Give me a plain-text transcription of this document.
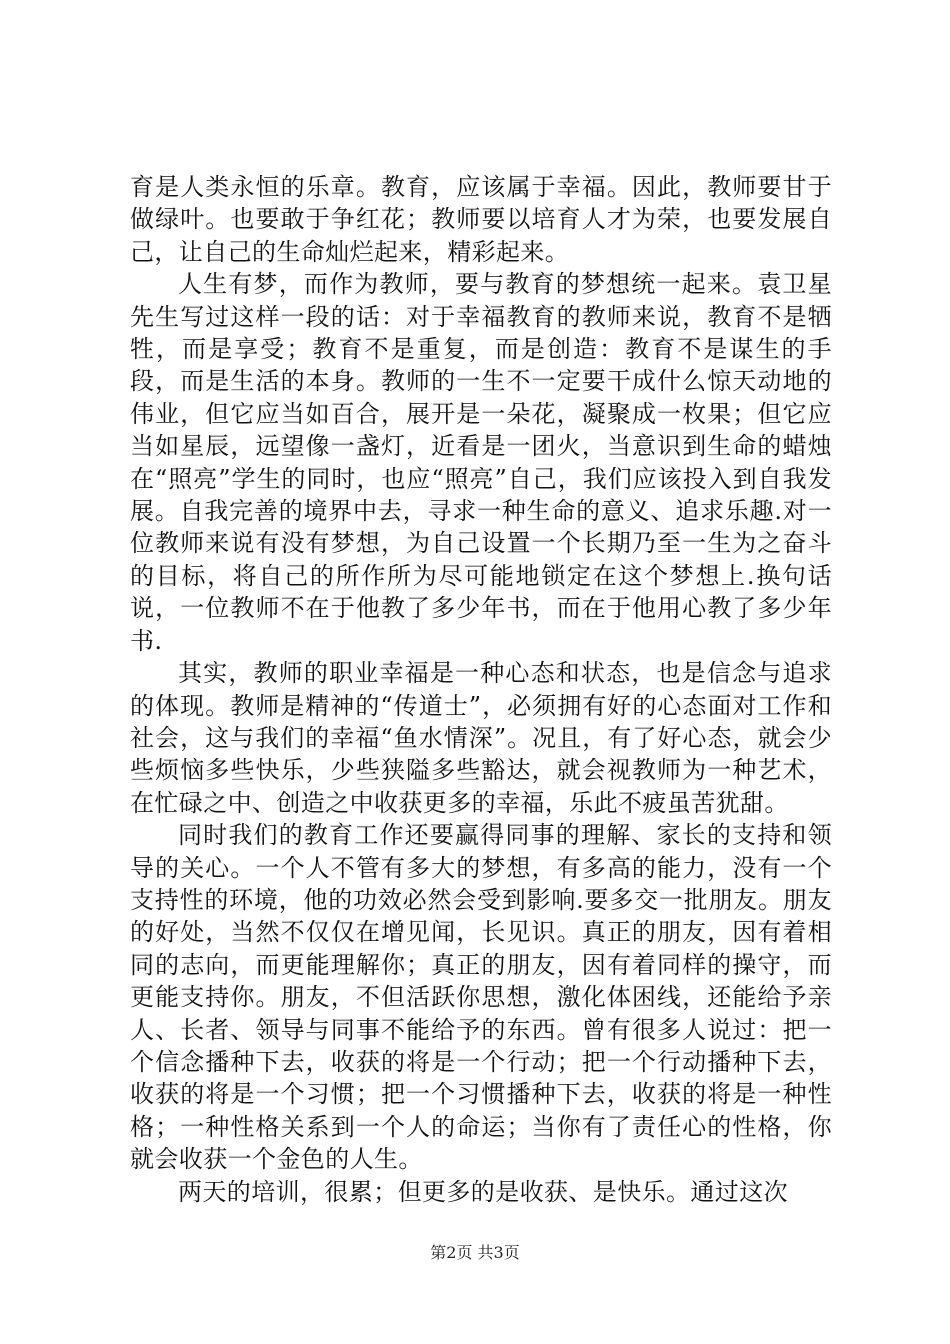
育是人类永恒的乐章。教育，应该属于幸福。因此，教师要甘于做绿叶。也要敢于争红花；教师要以培育人才为荣，也要发展自己，让自己的生命灿烂起来，精彩起来。

人生有梦，而作为教师，要与教育的梦想统一起来。袁卫星先生写过这样一段的话：对于幸福教育的教师来说，教育不是牺牲，而是享受；教育不是重复，而是创造：教育不是谋生的手段，而是生活的本身。教师的一生不一定要干成什么惊天动地的伟业，但它应当如百合，展开是一朵花，凝聚成一枚果；但它应当如星辰，远望像一盏灯，近看是一团火，当意识到生命的蜡烛在“照亮”学生的同时，也应“照亮”自己，我们应该投入到自我发展。自我完善的境界中去，寻求一种生命的意义、追求乐趣.对一位教师来说有没有梦想，为自己设置一个长期乃至一生为之奋斗的目标，将自己的所作所为尽可能地锁定在这个梦想上.换句话说，一位教师不在于他教了多少年书，而在于他用心教了多少年书.

其实，教师的职业幸福是一种心态和状态，也是信念与追求的体现。教师是精神的“传道士”，必须拥有好的心态面对工作和社会，这与我们的幸福“鱼水情深”。况且，有了好心态，就会少些烦恼多些快乐，少些狭隘多些豁达，就会视教师为一种艺术，在忙碌之中、创造之中收获更多的幸福，乐此不疲虽苦犹甜。

同时我们的教育工作还要赢得同事的理解、家长的支持和领导的关心。一个人不管有多大的梦想，有多高的能力，没有一个支持性的环境，他的功效必然会受到影响.要多交一批朋友。朋友的好处，当然不仅仅在增见闻，长见识。真正的朋友，因有着相同的志向，而更能理解你；真正的朋友，因有着同样的操守，而更能支持你。朋友，不但活跃你思想，激化体困线，还能给予亲人、长者、领导与同事不能给予的东西。曾有很多人说过：把一个信念播种下去，收获的将是一个行动；把一个行动播种下去，收获的将是一个习惯；把一个习惯播种下去，收获的将是一种性格；一种性格关系到一个人的命运；当你有了责任心的性格，你就会收获一个金色的人生。

两天的培训，很累；但更多的是收获、是快乐。通过这次

第2页 共3页
